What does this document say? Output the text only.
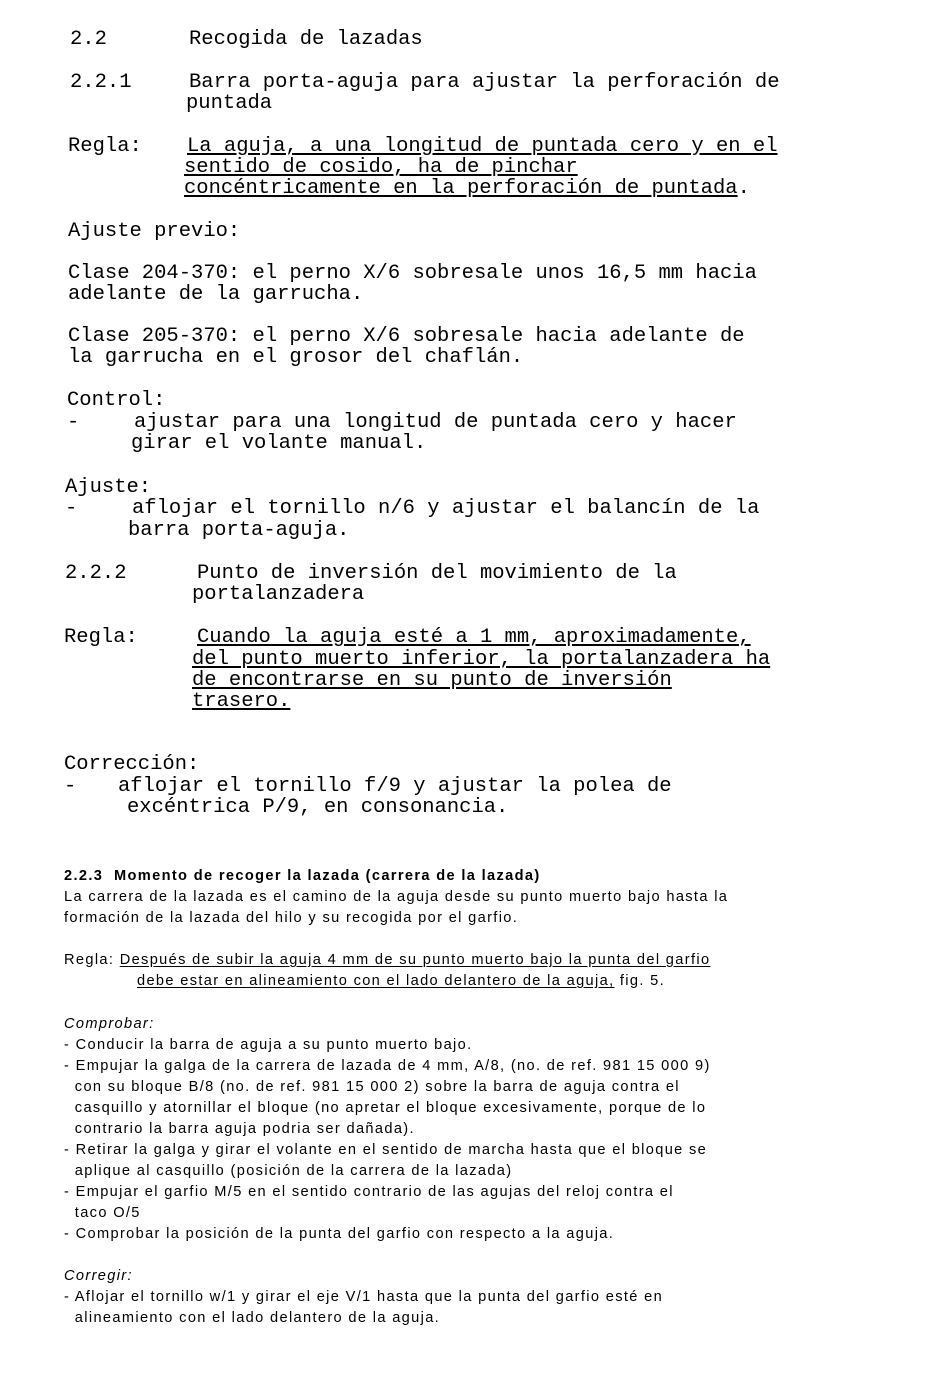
2.2	Recogida de lazadas
2.2.1	Barra porta-aguja para ajustar la perforación de
puntada
Regla: La aguja, a una longitud de puntada cero y en el
sentido de cosido, ha de pinchar
concéntricamente en la perforación de puntada.
Ajuste previo:
Clase 204-370: el perno X/6 sobresale unos 16,5 mm hacia
adelante de la garrucha.
Clase 205-370: el perno X/6 sobresale hacia adelante de
la garrucha en el grosor del chaflán.
Control:
-	ajustar para una longitud de puntada cero y hacer
girar el volante manual.
Ajuste:
-	aflojar el tornillo n/6 y ajustar el balancín de la
barra porta-aguja.
2.2.2	Punto de inversión del movimiento de la
portalanzadera
Regla:	Cuando la aguja esté a 1 mm, aproximadamente,
del punto muerto inferior, la portalanzadera ha
de encontrarse en su punto de inversión
trasero.
Corrección:
- aflojar el tornillo f/9 y ajustar la polea de
excéntrica P/9, en consonancia.
2.2.3  Momento de recoger la lazada (carrera de la lazada)
La carrera de la lazada es el camino de la aguja desde su punto muerto bajo hasta la
formación de la lazada del hilo y su recogida por el garfio.
Regla: Después de subir la aguja 4 mm de su punto muerto bajo la punta del garfio
debe estar en alineamiento con el lado delantero de la aguja, fig. 5.
Comprobar:
- Conducir la barra de aguja a su punto muerto bajo.
- Empujar la galga de la carrera de lazada de 4 mm, A/8, (no. de ref. 981 15 000 9)
con su bloque B/8 (no. de ref. 981 15 000 2) sobre la barra de aguja contra el
casquillo y atornillar el bloque (no apretar el bloque excesivamente, porque de lo
contrario la barra aguja podria ser dañada).
- Retirar la galga y girar el volante en el sentido de marcha hasta que el bloque se
aplique al casquillo (posición de la carrera de la lazada)
- Empujar el garfio M/5 en el sentido contrario de las agujas del reloj contra el
taco O/5
- Comprobar la posición de la punta del garfio con respecto a la aguja.
Corregir:
- Aflojar el tornillo w/1 y girar el eje V/1 hasta que la punta del garfio esté en
alineamiento con el lado delantero de la aguja.
